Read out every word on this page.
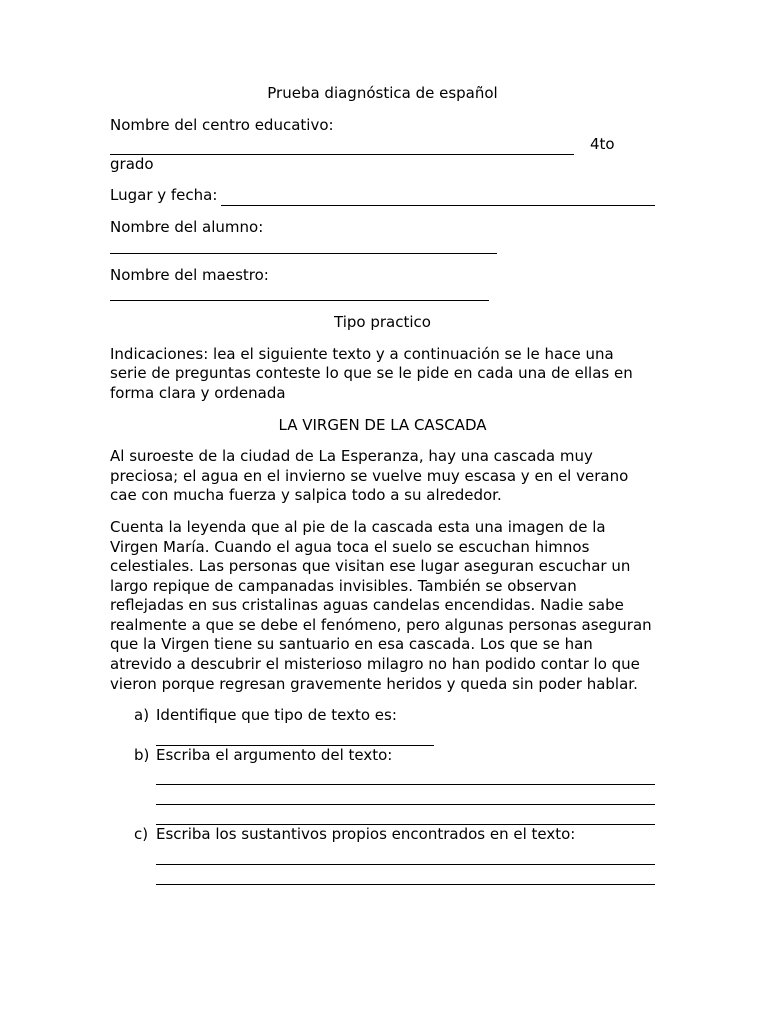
Prueba diagnóstica de español

Nombre del centro educativo:
4to
grado
Lugar y fecha:
Nombre del alumno:
Nombre del maestro:

Tipo practico

Indicaciones: lea el siguiente texto y a continuación se le hace una serie de preguntas conteste lo que se le pide en cada una de ellas en forma clara y ordenada

LA VIRGEN DE LA CASCADA

Al suroeste de la ciudad de La Esperanza, hay una cascada muy preciosa; el agua en el invierno se vuelve muy escasa y en el verano cae con mucha fuerza y salpica todo a su alrededor.

Cuenta la leyenda que al pie de la cascada esta una imagen de la Virgen María. Cuando el agua toca el suelo se escuchan himnos celestiales. Las personas que visitan ese lugar aseguran escuchar un largo repique de campanadas invisibles. También se observan reflejadas en sus cristalinas aguas candelas encendidas. Nadie sabe realmente a que se debe el fenómeno, pero algunas personas aseguran que la Virgen tiene su santuario en esa cascada. Los que se han atrevido a descubrir el misterioso milagro no han podido contar lo que vieron porque regresan gravemente heridos y queda sin poder hablar.

a) Identifique que tipo de texto es:
b) Escriba el argumento del texto:
c) Escriba los sustantivos propios encontrados en el texto:
